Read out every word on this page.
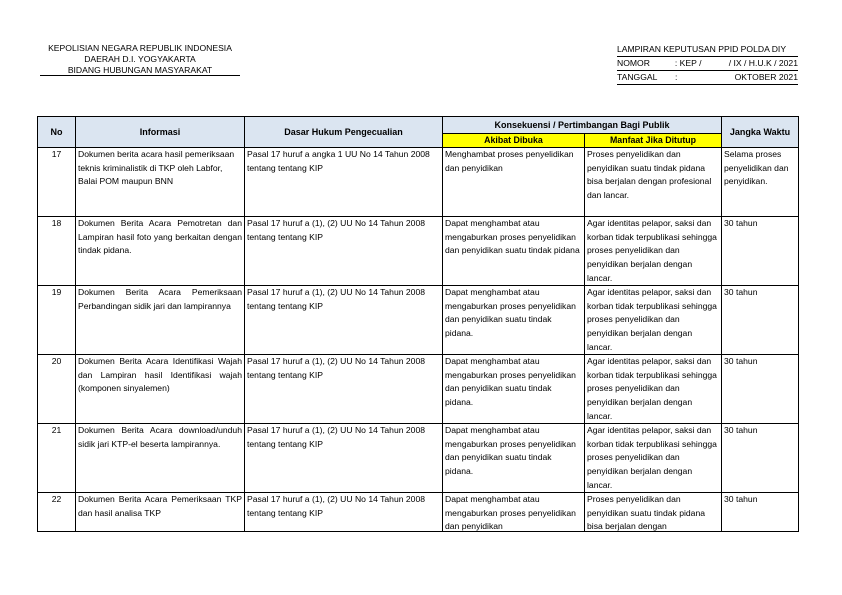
KEPOLISIAN NEGARA REPUBLIK INDONESIA
DAERAH D.I. YOGYAKARTA
BIDANG HUBUNGAN MASYARAKAT
LAMPIRAN KEPUTUSAN PPID POLDA DIY
NOMOR	: KEP /	/ IX / H.U.K / 2021
TANGGAL	:	OKTOBER 2021
No	Informasi	Dasar Hukum Pengecualian	Konsekuensi / Pertimbangan Bagi Publik		Jangka Waktu
			Akibat Dibuka	Manfaat Jika Ditutup	
17	Dokumen berita acara hasil pemeriksaan teknis kriminalistik di TKP oleh Labfor, Balai POM maupun BNN	Pasal 17 huruf a angka 1 UU No 14 Tahun 2008 tentang tentang KIP	Menghambat proses penyelidikan dan penyidikan	Proses penyelidikan dan penyidikan suatu tindak pidana bisa berjalan dengan profesional dan lancar.	Selama proses penyelidikan dan penyidikan.

18	Dokumen Berita Acara Pemotretan dan Lampiran hasil foto yang berkaitan dengan tindak pidana.	Pasal 17 huruf a (1), (2) UU No 14 Tahun 2008 tentang tentang KIP	Dapat menghambat atau mengaburkan proses penyelidikan dan penyidikan suatu tindak pidana	Agar identitas pelapor, saksi dan korban tidak terpublikasi sehingga proses penyelidikan dan penyidikan berjalan dengan lancar.	30 tahun

19	Dokumen Berita Acara Pemeriksaan Perbandingan sidik jari dan lampirannya	Pasal 17 huruf a (1), (2) UU No 14 Tahun 2008 tentang tentang KIP	Dapat menghambat atau mengaburkan proses penyelidikan dan penyidikan suatu tindak pidana.	Agar identitas pelapor, saksi dan korban tidak terpublikasi sehingga proses penyelidikan dan penyidikan berjalan dengan lancar.	30 tahun

20	Dokumen Berita Acara Identifikasi Wajah dan Lampiran hasil Identifikasi wajah (komponen sinyalemen)	Pasal 17 huruf a (1), (2) UU No 14 Tahun 2008 tentang tentang KIP	Dapat menghambat atau mengaburkan proses penyelidikan dan penyidikan suatu tindak pidana.	Agar identitas pelapor, saksi dan korban tidak terpublikasi sehingga proses penyelidikan dan penyidikan berjalan dengan lancar.	30 tahun

21	Dokumen Berita Acara download/unduh sidik jari KTP-el beserta lampirannya.	Pasal 17 huruf a (1), (2) UU No 14 Tahun 2008 tentang tentang KIP	Dapat menghambat atau mengaburkan proses penyelidikan dan penyidikan suatu tindak pidana.	Agar identitas pelapor, saksi dan korban tidak terpublikasi sehingga proses penyelidikan dan penyidikan berjalan dengan lancar.	30 tahun

22	Dokumen Berita Acara Pemeriksaan TKP dan hasil analisa TKP	Pasal 17 huruf a (1), (2) UU No 14 Tahun 2008 tentang tentang KIP	Dapat menghambat atau mengaburkan proses penyelidikan dan penyidikan	Proses penyelidikan dan penyidikan suatu tindak pidana bisa berjalan dengan	30 tahun
